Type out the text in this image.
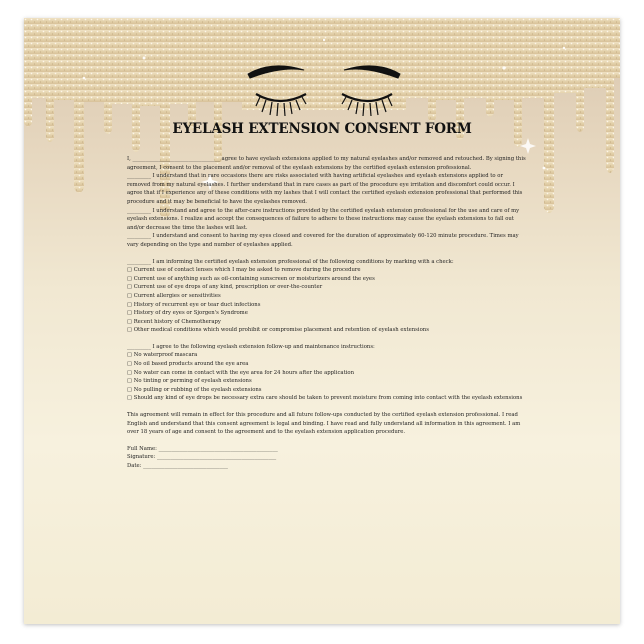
EYELASH EXTENSION CONSENT FORM

I, _________________________________ agree to have eyelash extensions applied to my natural eyelashes and/or removed and retouched. By signing this agreement, I consent to the placement and/or removal of the eyelash extensions by the certified eyelash extension professional.

_________ I understand that in rare occasions there are risks associated with having artificial eyelashes and eyelash extensions applied to or removed from my natural eyelashes. I further understand that in rare cases as part of the procedure eye irritation and discomfort could occur. I agree that if I experience any of these conditions with my lashes that I will contact the certified eyelash extension professional that performed this procedure and it may be beneficial to have the eyelashes removed.

_________ I understand and agree to the after-care instructions provided by the certified eyelash extension professional for the use and care of my eyelash extensions. I realize and accept the consequences of failure to adhere to these instructions may cause the eyelash extensions to fall out and/or decrease the time the lashes will last.

_________ I understand and consent to having my eyes closed and covered for the duration of approximately 60-120 minute procedure. Times may vary depending on the type and number of eyelashes applied.

_________ I am informing the certified eyelash extension professional of the following conditions by marking with a check:

□ Current use of contact lenses which I may be asked to remove during the procedure
□ Current use of anything such as oil-containing sunscreen or moisturizers around the eyes
□ Current use of eye drops of any kind, prescription or over-the-counter
□ Current allergies or sensitivities
□ History of recurrent eye or tear duct infections
□ History of dry eyes or Sjorgen's Syndrome
□ Recent history of Chemotherapy
□ Other medical conditions which would prohibit or compromise placement and retention of eyelash extensions

_________ I agree to the following eyelash extension follow-up and maintenance instructions:

□ No waterproof mascara
□ No oil based products around the eye area
□ No water can come in contact with the eye area for 24 hours after the application
□ No tinting or perming of eyelash extensions
□ No pulling or rubbing of the eyelash extensions
□ Should any kind of eye drops be necessary extra care should be taken to prevent moisture from coming into contact with the eyelash extensions

This agreement will remain in effect for this procedure and all future follow-ups conducted by the certified eyelash extension professional. I read English and understand that this consent agreement is legal and binding. I have read and fully understand all information in this agreement. I am over 18 years of age and consent to the agreement and to the eyelash extension application procedure.

Full Name: _____________________________________________
Signature: _____________________________________________
Date: ________________________________
